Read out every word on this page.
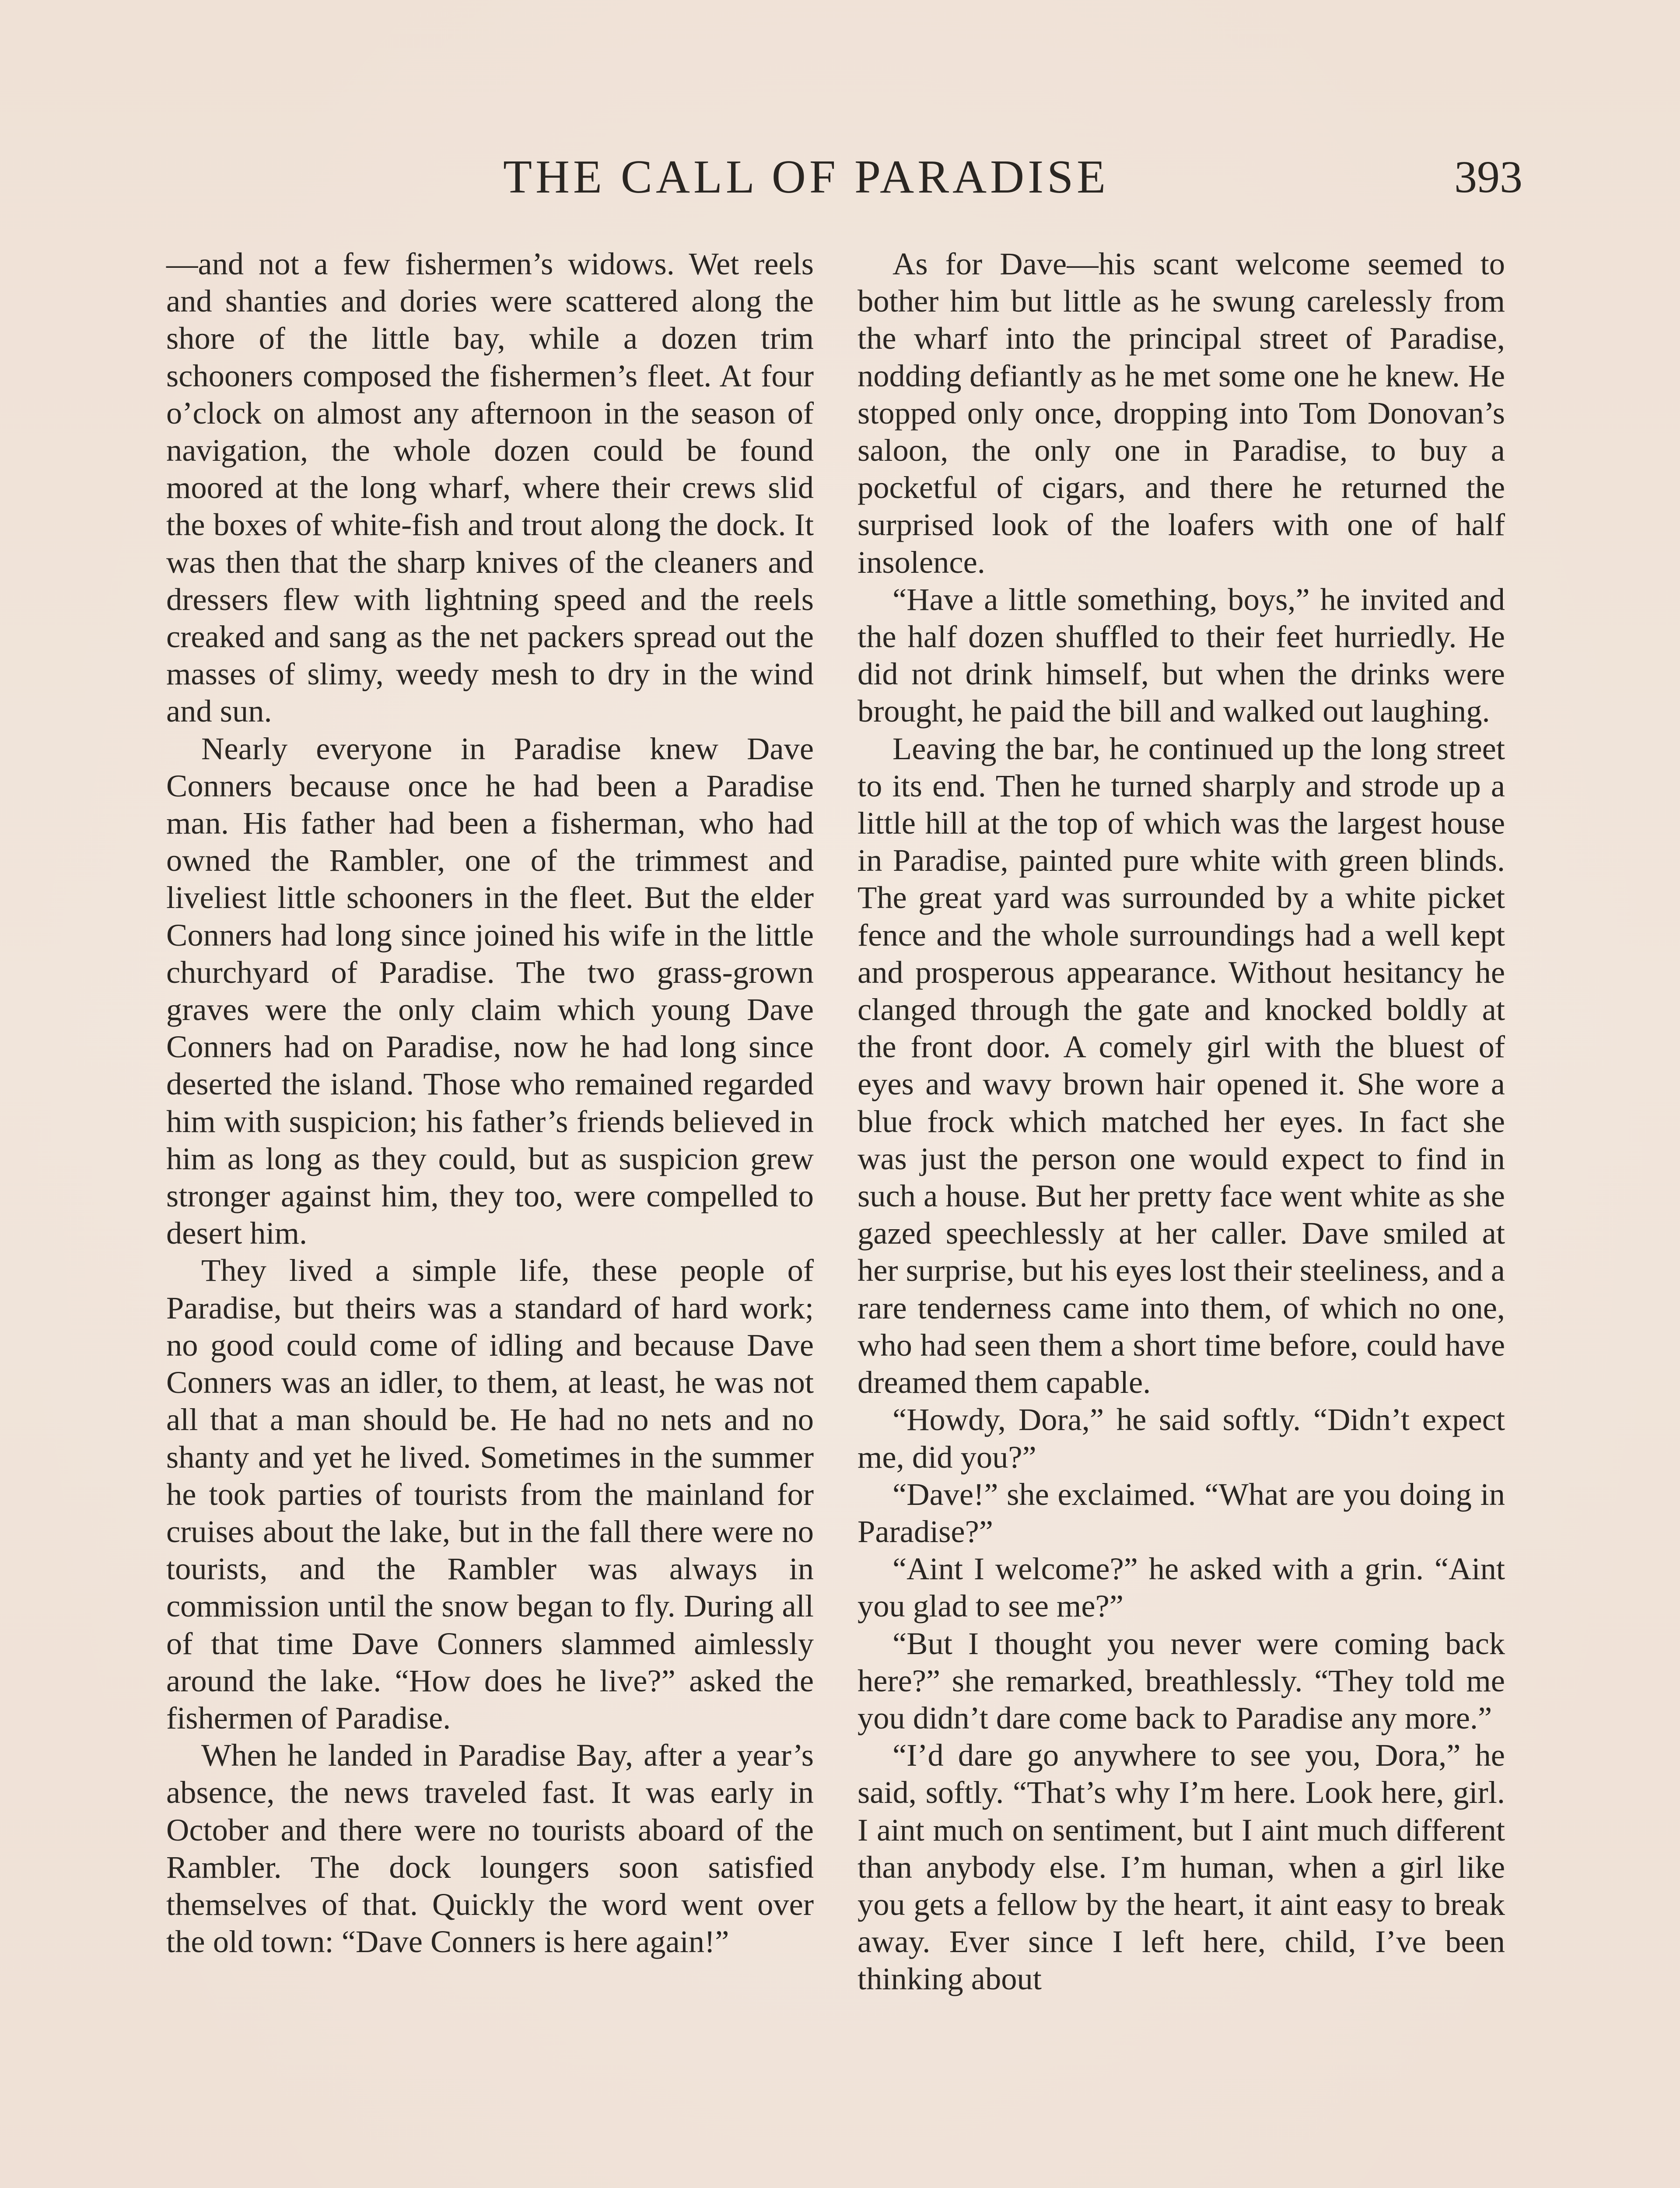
THE CALL OF PARADISE	393

—and not a few fishermen’s widows. Wet reels and shanties and dories were scattered along the shore of the little bay, while a dozen trim schooners composed the fishermen’s fleet. At four o’clock on almost any afternoon in the season of navigation, the whole dozen could be found moored at the long wharf, where their crews slid the boxes of white-fish and trout along the dock. It was then that the sharp knives of the cleaners and dressers flew with lightning speed and the reels creaked and sang as the net packers spread out the masses of slimy, weedy mesh to dry in the wind and sun.

Nearly everyone in Paradise knew Dave Conners because once he had been a Paradise man. His father had been a fisherman, who had owned the Rambler, one of the trimmest and liveliest little schooners in the fleet. But the elder Conners had long since joined his wife in the little churchyard of Paradise. The two grass-grown graves were the only claim which young Dave Conners had on Paradise, now he had long since deserted the island. Those who remained regarded him with suspicion; his father’s friends believed in him as long as they could, but as suspicion grew stronger against him, they too, were compelled to desert him.

They lived a simple life, these people of Paradise, but theirs was a standard of hard work; no good could come of idling and because Dave Conners was an idler, to them, at least, he was not all that a man should be. He had no nets and no shanty and yet he lived. Sometimes in the summer he took parties of tourists from the mainland for cruises about the lake, but in the fall there were no tourists, and the Rambler was always in commission until the snow began to fly. During all of that time Dave Conners slammed aimlessly around the lake. “How does he live?” asked the fishermen of Paradise.

When he landed in Paradise Bay, after a year’s absence, the news traveled fast. It was early in October and there were no tourists aboard of the Rambler. The dock loungers soon satisfied themselves of that. Quickly the word went over the old town: “Dave Conners is here again!”

As for Dave—his scant welcome seemed to bother him but little as he swung carelessly from the wharf into the principal street of Paradise, nodding defiantly as he met some one he knew. He stopped only once, dropping into Tom Donovan’s saloon, the only one in Paradise, to buy a pocketful of cigars, and there he returned the surprised look of the loafers with one of half insolence.

“Have a little something, boys,” he invited and the half dozen shuffled to their feet hurriedly. He did not drink himself, but when the drinks were brought, he paid the bill and walked out laughing.

Leaving the bar, he continued up the long street to its end. Then he turned sharply and strode up a little hill at the top of which was the largest house in Paradise, painted pure white with green blinds. The great yard was surrounded by a white picket fence and the whole surroundings had a well kept and prosperous appearance. Without hesitancy he clanged through the gate and knocked boldly at the front door. A comely girl with the bluest of eyes and wavy brown hair opened it. She wore a blue frock which matched her eyes. In fact she was just the person one would expect to find in such a house. But her pretty face went white as she gazed speechlessly at her caller. Dave smiled at her surprise, but his eyes lost their steeliness, and a rare tenderness came into them, of which no one, who had seen them a short time before, could have dreamed them capable.

“Howdy, Dora,” he said softly. “Didn’t expect me, did you?”

“Dave!” she exclaimed. “What are you doing in Paradise?”

“Aint I welcome?” he asked with a grin. “Aint you glad to see me?”

“But I thought you never were coming back here?” she remarked, breathlessly. “They told me you didn’t dare come back to Paradise any more.”

“I’d dare go anywhere to see you, Dora,” he said, softly. “That’s why I’m here. Look here, girl. I aint much on sentiment, but I aint much different than anybody else. I’m human, when a girl like you gets a fellow by the heart, it aint easy to break away. Ever since I left here, child, I’ve been thinking about
